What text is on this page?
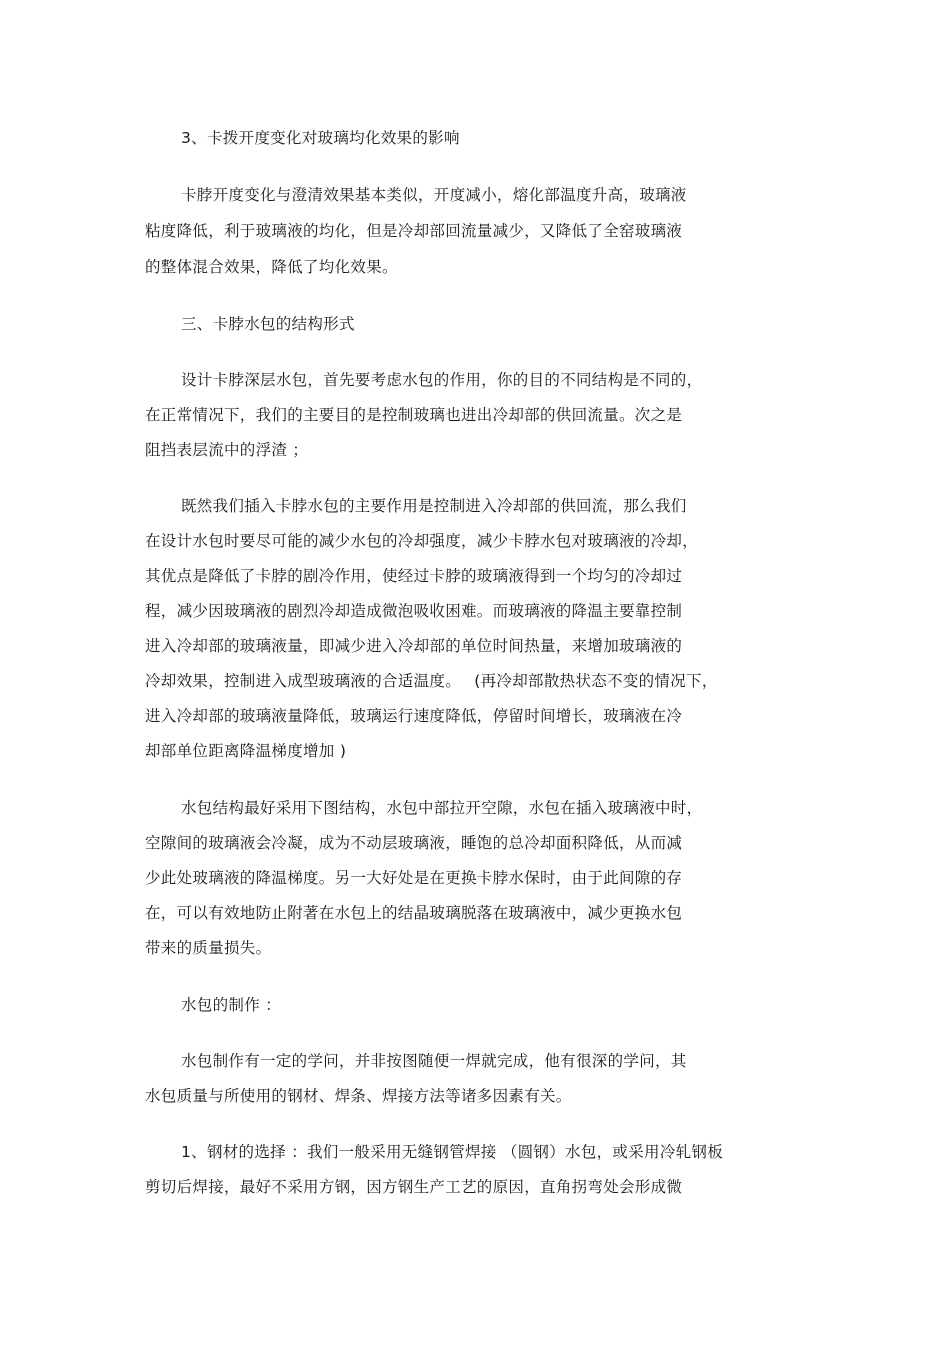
3、卡拨开度变化对玻璃均化效果的影响
卡脖开度变化与澄清效果基本类似，开度减小，熔化部温度升高，玻璃液
粘度降低，利于玻璃液的均化，但是冷却部回流量减少，又降低了全窑玻璃液
的整体混合效果，降低了均化效果。
三、卡脖水包的结构形式
设计卡脖深层水包，首先要考虑水包的作用，你的目的不同结构是不同的，
在正常情况下，我们的主要目的是控制玻璃也进出冷却部的供回流量。次之是
阻挡表层流中的浮渣 ；
既然我们插入卡脖水包的主要作用是控制进入冷却部的供回流，那么我们
在设计水包时要尽可能的减少水包的冷却强度，减少卡脖水包对玻璃液的冷却，
其优点是降低了卡脖的剧冷作用，使经过卡脖的玻璃液得到一个均匀的冷却过
程，减少因玻璃液的剧烈冷却造成微泡吸收困难。而玻璃液的降温主要靠控制
进入冷却部的玻璃液量，即减少进入冷却部的单位时间热量，来增加玻璃液的
冷却效果，控制进入成型玻璃液的合适温度。　 (再冷却部散热状态不变的情况下，
进入冷却部的玻璃液量降低，玻璃运行速度降低，停留时间增长，玻璃液在冷
却部单位距离降温梯度增加 )
水包结构最好采用下图结构，水包中部拉开空隙，水包在插入玻璃液中时，
空隙间的玻璃液会冷凝，成为不动层玻璃液，睡饱的总冷却面积降低，从而减
少此处玻璃液的降温梯度。另一大好处是在更换卡脖水保时，由于此间隙的存
在，可以有效地防止附著在水包上的结晶玻璃脱落在玻璃液中，减少更换水包
带来的质量损失。
水包的制作 ：
水包制作有一定的学问，并非按图随便一焊就完成，他有很深的学问，其
水包质量与所使用的钢材、焊条、焊接方法等诸多因素有关。
1、钢材的选择 ：我们一般采用无缝钢管焊接 （圆钢）水包，或采用冷轧钢板
剪切后焊接，最好不采用方钢，因方钢生产工艺的原因，直角拐弯处会形成微
